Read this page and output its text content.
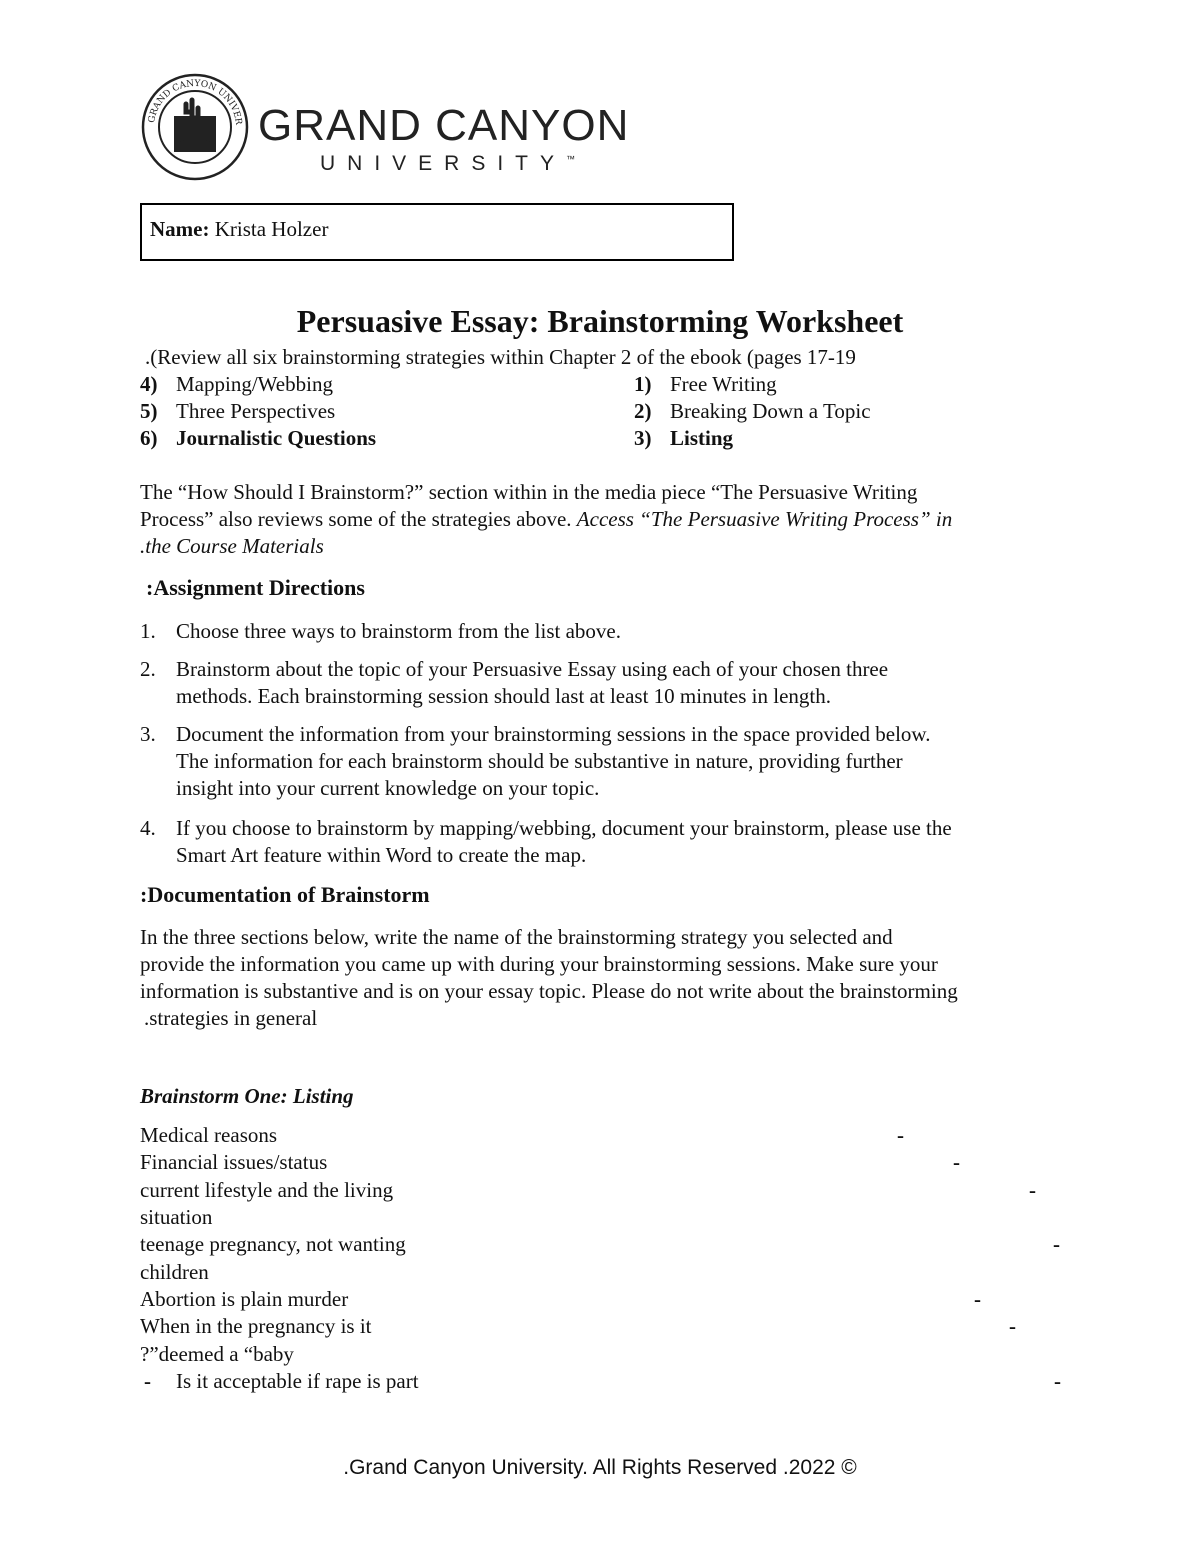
GRAND CANYON UNIVER GRAND CANYON
UNIVERSITY™
Name: Krista Holzer
Persuasive Essay: Brainstorming Worksheet
.(Review all six brainstorming strategies within Chapter 2 of the ebook (pages 17-19
4) Mapping/Webbing
5) Three Perspectives
6) Journalistic Questions
1) Free Writing
2) Breaking Down a Topic
3) Listing
The “How Should I Brainstorm?” section within in the media piece “The Persuasive Writing
Process” also reviews some of the strategies above. Access “The Persuasive Writing Process” in
.the Course Materials
:Assignment Directions
1. Choose three ways to brainstorm from the list above.
2. Brainstorm about the topic of your Persuasive Essay using each of your chosen three
methods. Each brainstorming session should last at least 10 minutes in length.
3. Document the information from your brainstorming sessions in the space provided below.
The information for each brainstorm should be substantive in nature, providing further
insight into your current knowledge on your topic.
4. If you choose to brainstorm by mapping/webbing, document your brainstorm, please use the
Smart Art feature within Word to create the map.
:Documentation of Brainstorm
In the three sections below, write the name of the brainstorming strategy you selected and
provide the information you came up with during your brainstorming sessions. Make sure your
information is substantive and is on your essay topic. Please do not write about the brainstorming
.strategies in general
Brainstorm One: Listing
Medical reasons	-
Financial issues/status	-
current lifestyle and the living	-
situation
teenage pregnancy, not wanting	-
children
Abortion is plain murder	-
When in the pregnancy is it	-
?”deemed a “baby
- Is it acceptable if rape is part	-
.Grand Canyon University. All Rights Reserved .2022 ©
